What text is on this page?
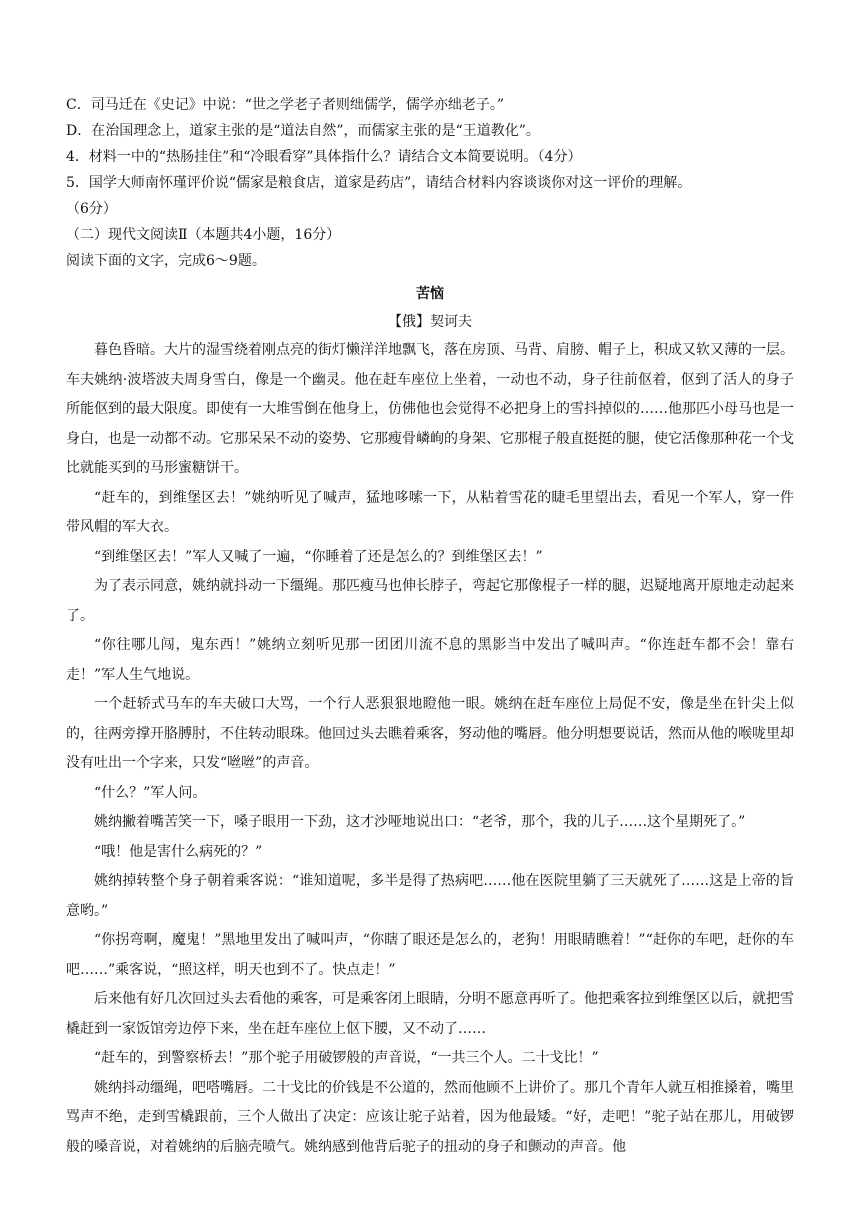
C．司马迁在《史记》中说：“世之学老子者则绌儒学，儒学亦绌老子。”

D．在治国理念上，道家主张的是“道法自然”，而儒家主张的是“王道教化”。

4．材料一中的“热肠挂住”和“冷眼看穿”具体指什么？请结合文本简要说明。（4分）

5．国学大师南怀瑾评价说“儒家是粮食店，道家是药店”，请结合材料内容谈谈你对这一评价的理解。

（6分）

（二）现代文阅读Ⅱ（本题共4小题，16分）

阅读下面的文字，完成6～9题。

苦恼

【俄】契诃夫

暮色昏暗。大片的湿雪绕着刚点亮的街灯懒洋洋地飘飞，落在房顶、马背、肩膀、帽子上，积成又软又薄的一层。车夫姚纳·波塔波夫周身雪白，像是一个幽灵。他在赶车座位上坐着，一动也不动，身子往前伛着，伛到了活人的身子所能伛到的最大限度。即使有一大堆雪倒在他身上，仿佛他也会觉得不必把身上的雪抖掉似的……他那匹小母马也是一身白，也是一动都不动。它那呆呆不动的姿势、它那瘦骨嶙峋的身架、它那棍子般直挺挺的腿，使它活像那种花一个戈比就能买到的马形蜜糖饼干。

“赶车的，到维堡区去！”姚纳听见了喊声，猛地哆嗦一下，从粘着雪花的睫毛里望出去，看见一个军人，穿一件带风帽的军大衣。

“到维堡区去！”军人又喊了一遍，“你睡着了还是怎么的？到维堡区去！”

为了表示同意，姚纳就抖动一下缰绳。那匹瘦马也伸长脖子，弯起它那像棍子一样的腿，迟疑地离开原地走动起来了。

“你往哪儿闯，鬼东西！”姚纳立刻听见那一团团川流不息的黑影当中发出了喊叫声。“你连赶车都不会！靠右走！”军人生气地说。

一个赶轿式马车的车夫破口大骂，一个行人恶狠狠地瞪他一眼。姚纳在赶车座位上局促不安，像是坐在针尖上似的，往两旁撑开胳膊肘，不住转动眼珠。他回过头去瞧着乘客，努动他的嘴唇。他分明想要说话，然而从他的喉咙里却没有吐出一个字来，只发“咝咝”的声音。

“什么？”军人问。

姚纳撇着嘴苦笑一下，嗓子眼用一下劲，这才沙哑地说出口：“老爷，那个，我的儿子……这个星期死了。”

“哦！他是害什么病死的？”

姚纳掉转整个身子朝着乘客说：“谁知道呢，多半是得了热病吧……他在医院里躺了三天就死了……这是上帝的旨意哟。”

“你拐弯啊，魔鬼！”黑地里发出了喊叫声，“你瞎了眼还是怎么的，老狗！用眼睛瞧着！”“赶你的车吧，赶你的车吧……”乘客说，“照这样，明天也到不了。快点走！”

后来他有好几次回过头去看他的乘客，可是乘客闭上眼睛，分明不愿意再听了。他把乘客拉到维堡区以后，就把雪橇赶到一家饭馆旁边停下来，坐在赶车座位上伛下腰，又不动了……

“赶车的，到警察桥去！”那个驼子用破锣般的声音说，“一共三个人。二十戈比！”

姚纳抖动缰绳，吧嗒嘴唇。二十戈比的价钱是不公道的，然而他顾不上讲价了。那几个青年人就互相推搡着，嘴里骂声不绝，走到雪橇跟前，三个人做出了决定：应该让驼子站着，因为他最矮。“好，走吧！”驼子站在那儿，用破锣般的嗓音说，对着姚纳的后脑壳喷气。姚纳感到他背后驼子的扭动的身子和颤动的声音。他
